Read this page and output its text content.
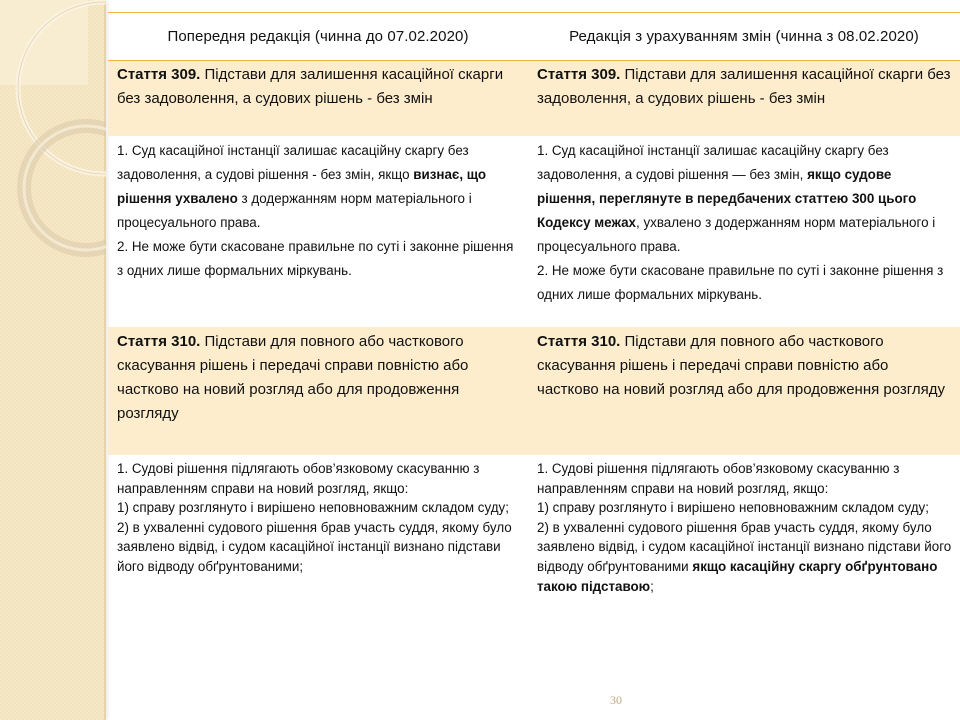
Попередня редакція (чинна до 07.02.2020)	Редакція з урахуванням змін (чинна з 08.02.2020)
Стаття 309. Підстави для залишення касаційної скарги без задоволення, а судових рішень - без змін
Стаття 309. Підстави для залишення касаційної скарги без задоволення, а судових рішень - без змін
1. Суд касаційної інстанції залишає касаційну скаргу без задоволення, а судові рішення - без змін, якщо визнає, що рішення ухвалено з додержанням норм матеріального і процесуального права.
2. Не може бути скасоване правильне по суті і законне рішення з одних лише формальних міркувань.
1. Суд касаційної інстанції залишає касаційну скаргу без задоволення, а судові рішення — без змін, якщо судове рішення, переглянуте в передбачених статтею 300 цього Кодексу межах, ухвалено з додержанням норм матеріального і процесуального права.
2. Не може бути скасоване правильне по суті і законне рішення з одних лише формальних міркувань.
Стаття 310. Підстави для повного або часткового скасування рішень і передачі справи повністю або частково на новий розгляд або для продовження розгляду
Стаття 310. Підстави для повного або часткового скасування рішень і передачі справи повністю або частково на новий розгляд або для продовження розгляду
1. Судові рішення підлягають обов’язковому скасуванню з направленням справи на новий розгляд, якщо:
1) справу розглянуто і вирішено неповноважним складом суду;
2) в ухваленні судового рішення брав участь суддя, якому було заявлено відвід, і судом касаційної інстанції визнано підстави його відводу обґрунтованими;
1. Судові рішення підлягають обов’язковому скасуванню з направленням справи на новий розгляд, якщо:
1) справу розглянуто і вирішено неповноважним складом суду;
2) в ухваленні судового рішення брав участь суддя, якому було заявлено відвід, і судом касаційної інстанції визнано підстави його відводу обґрунтованими якщо касаційну скаргу обґрунтовано такою підставою;
30
